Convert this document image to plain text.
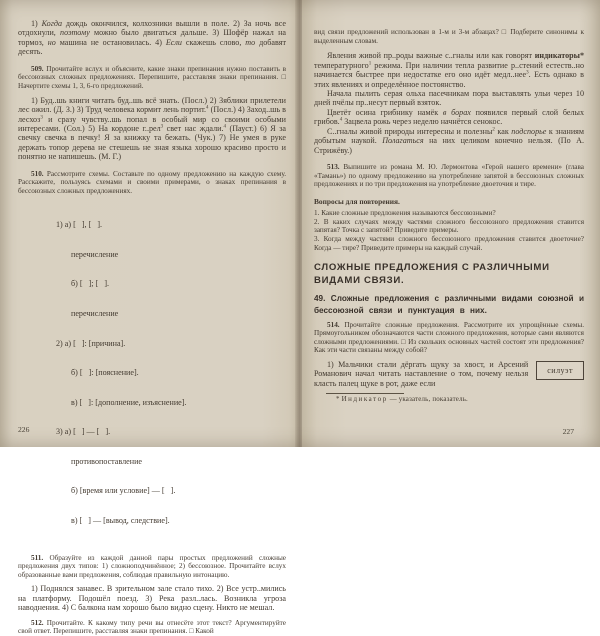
1) Когда дождь окончился, колхозники вышли в поле. 2) За ночь все отдохнули, поэтому можно было двигаться дальше. 3) Шофёр нажал на тормоз, но машина не остановилась. 4) Если скажешь слово, то добавят десять.
509. Прочитайте вслух и объясните, какие знаки препинания нужно поставить в бессоюзных сложных предложениях. Перепишите, расставляя знаки препинания. □ Начертите схемы 1, 3, 6-го предложений.
1) Буд..шь книги читать буд..шь всё знать. (Посл.) 2) Зяблики прилетели лес ожил. (Д. З.) 3) Труд человека кормит лень портит.$^4$ (Посл.) 4) Заход..шь в лесхоз$^3$ и сразу чувству..шь попал в особый мир со своими особыми интересами. (Сол.) 5) На кордоне г..рел$^3$ свет нас ждали.$^4$ (Пауст.) 6) Я за свечку свечка в печку! Я за книжку та бежать. (Чук.) 7) Не умея в руке держать топор дерева не стешешь не зная языка хорошо красиво просто и понятно не напишешь. (М. Г.)
510. Рассмотрите схемы. Составьте по одному предложению на каждую схему. Расскажите, пользуясь схемами и своими примерами, о знаках препинания в бессоюзных сложных предложениях.

1) а) [   ], [   ].

перечисление

б) [   ]; [   ].

перечисление

2) а) [   ]: [причина].

б) [   ]: [пояснение].

в) [   ]: [дополнение, изъяснение].

3) а) [   ] — [   ].

противопоставление

б) [время или условие] — [   ].

в) [   ] — [вывод, следствие].

511. Образуйте из каждой данной пары простых предложений сложные предложения двух типов: 1) сложноподчинённое; 2) бессоюзное. Прочитайте вслух образованные вами предложения, соблюдая правильную интонацию.
1) Поднялся занавес. В зрительном зале стало тихо. 2) Все устр..мились на платформу. Подошёл поезд. 3) Река разл..лась. Возникла угроза наводнения. 4) С балкона нам хорошо было видно сцену. Никто не мешал.
512. Прочитайте. К какому типу речи вы отнесёте этот текст? Аргументируйте свой ответ. Перепишите, расставляя знаки препинания. □ Какой
226
вид связи предложений использован в 1-м и 3-м абзацах? □ Подберите синонимы к выделенным словам.
Явления живой пр..роды важные с..гналы или как говорят индикаторы* температурного$^1$ режима. При наличии тепла развитие р..стений естеств..но начинается быстрее при недостатке его оно идёт медл..нее$^3$. Есть однако в этих явлениях и определённое постоянство.
Начала пылить серая ольха пасечникам пора выставлять ульи через 10 дней пчёлы пр..несут первый взяток.
Цветёт осина грибнику намёк в борах появился первый слой белых грибов.$^4$ Зацвела рожь через неделю начнётся сенокос.
С..гналы живой природы интересны и полезны$^2$ как подспорье к знаниям добытым наукой. Полагаться на них целиком конечно нельзя. (По А. Стрижёву.)
513. Выпишите из романа М. Ю. Лермонтова «Герой нашего времени» (глава «Тамань») по одному предложению на употребление запятой в бессоюзных сложных предложениях и по три предложения на употребление двоеточия и тире.
Вопросы для повторения.
1. Какие сложные предложения называются бессоюзными?
2. В каких случаях между частями сложного бессоюзного предложения ставится запятая? Точка с запятой? Приведите примеры.
3. Когда между частями сложного бессоюзного предложения ставится двоеточие? Когда — тире? Приведите примеры на каждый случай.
СЛОЖНЫЕ ПРЕДЛОЖЕНИЯ С РАЗЛИЧНЫМИ ВИДАМИ СВЯЗИ.
49. Сложные предложения с различными видами союзной и бессоюзной связи и пунктуация в них.
514. Прочитайте сложные предложения. Рассмотрите их упрощённые схемы. Прямоугольником обозначаются части сложного предложения, которые сами являются сложными предложениями. □ Из скольких основных частей состоят эти предложения? Как эти части связаны между собой?
силуэт
1) Мальчики стали дёргать щуку за хвост, и Арсений Романович начал читать наставление о том, почему нельзя класть палец щуке в рот, даже если
* Индикатор — указатель, показатель.
227
